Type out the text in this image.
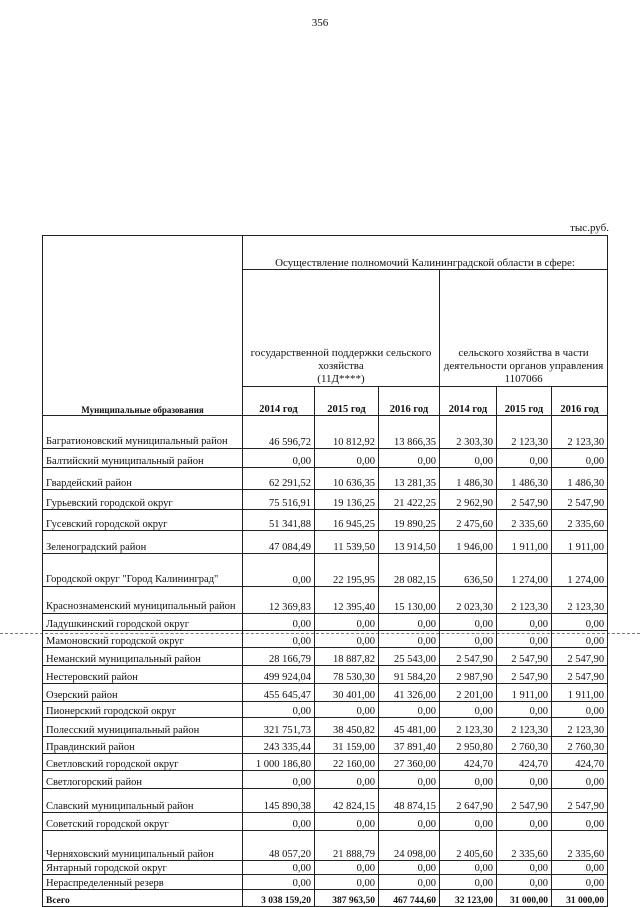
356
тыс.руб.
Муниципальные образования	Осуществление полномочий Калининградской области в сфере:					
	государственной поддержки сельского хозяйства
(11Д****)			сельского хозяйства в части деятельности органов управления
1107066		

	2014 год	2015 год	2016 год	2014 год	2015 год	2016 год
Багратионовский муниципальный район	46 596,72	10 812,92	13 866,35	2 303,30	2 123,30	2 123,30
Балтийский муниципальный район	0,00	0,00	0,00	0,00	0,00	0,00
Гвардейский район	62 291,52	10 636,35	13 281,35	1 486,30	1 486,30	1 486,30
Гурьевский городской округ	75 516,91	19 136,25	21 422,25	2 962,90	2 547,90	2 547,90
Гусевский городской округ	51 341,88	16 945,25	19 890,25	2 475,60	2 335,60	2 335,60
Зеленоградский район	47 084,49	11 539,50	13 914,50	1 946,00	1 911,00	1 911,00
Городской округ "Город Калининград"	0,00	22 195,95	28 082,15	636,50	1 274,00	1 274,00
Краснознаменский муниципальный район	12 369,83	12 395,40	15 130,00	2 023,30	2 123,30	2 123,30
Ладушкинский городской округ	0,00	0,00	0,00	0,00	0,00	0,00
Мамоновский городской округ	0,00	0,00	0,00	0,00	0,00	0,00
Неманский муниципальный район	28 166,79	18 887,82	25 543,00	2 547,90	2 547,90	2 547,90
Нестеровский район	499 924,04	78 530,30	91 584,20	2 987,90	2 547,90	2 547,90
Озерский район	455 645,47	30 401,00	41 326,00	2 201,00	1 911,00	1 911,00
Пионерский городской округ	0,00	0,00	0,00	0,00	0,00	0,00
Полесский муниципальный район	321 751,73	38 450,82	45 481,00	2 123,30	2 123,30	2 123,30
Правдинский район	243 335,44	31 159,00	37 891,40	2 950,80	2 760,30	2 760,30
Светловский городской округ	1 000 186,80	22 160,00	27 360,00	424,70	424,70	424,70
Светлогорский район	0,00	0,00	0,00	0,00	0,00	0,00
Славский муниципальный район	145 890,38	42 824,15	48 874,15	2 647,90	2 547,90	2 547,90
Советский городской округ	0,00	0,00	0,00	0,00	0,00	0,00
Черняховский муниципальный район	48 057,20	21 888,79	24 098,00	2 405,60	2 335,60	2 335,60
Янтарный городской округ	0,00	0,00	0,00	0,00	0,00	0,00
Нераспределенный резерв	0,00	0,00	0,00	0,00	0,00	0,00
Всего	3 038 159,20	387 963,50	467 744,60	32 123,00	31 000,00	31 000,00
